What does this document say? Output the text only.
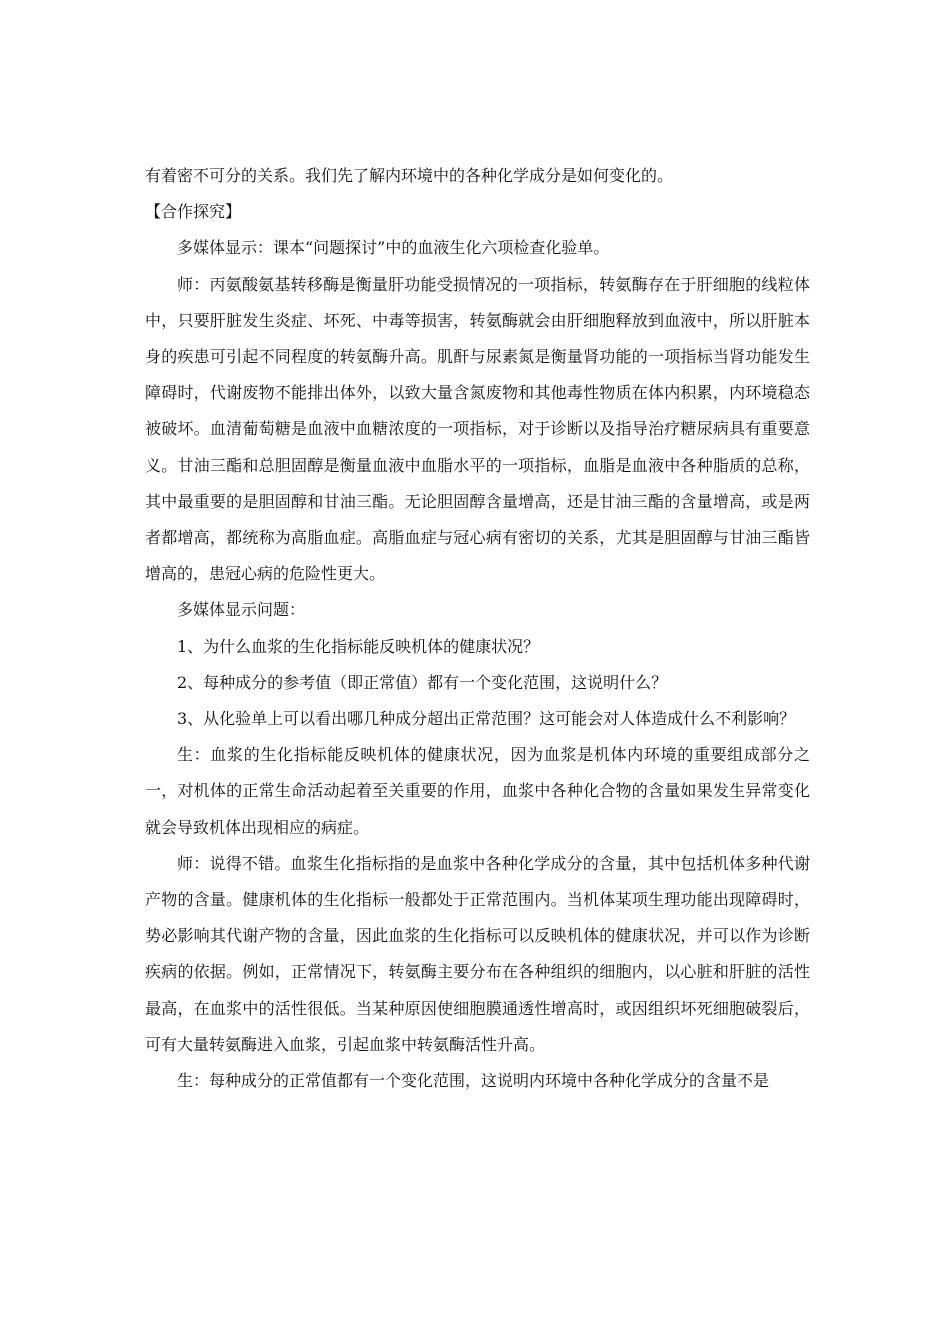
有着密不可分的关系。我们先了解内环境中的各种化学成分是如何变化的。

【合作探究】

多媒体显示：课本“问题探讨”中的血液生化六项检查化验单。

师：丙氨酸氨基转移酶是衡量肝功能受损情况的一项指标，转氨酶存在于肝细胞的线粒体中，只要肝脏发生炎症、坏死、中毒等损害，转氨酶就会由肝细胞释放到血液中，所以肝脏本身的疾患可引起不同程度的转氨酶升高。肌酐与尿素氮是衡量肾功能的一项指标当肾功能发生障碍时，代谢废物不能排出体外，以致大量含氮废物和其他毒性物质在体内积累，内环境稳态被破坏。血清葡萄糖是血液中血糖浓度的一项指标，对于诊断以及指导治疗糖尿病具有重要意义。甘油三酯和总胆固醇是衡量血液中血脂水平的一项指标，血脂是血液中各种脂质的总称，其中最重要的是胆固醇和甘油三酯。无论胆固醇含量增高，还是甘油三酯的含量增高，或是两者都增高，都统称为高脂血症。高脂血症与冠心病有密切的关系，尤其是胆固醇与甘油三酯皆增高的，患冠心病的危险性更大。

多媒体显示问题：

1、为什么血浆的生化指标能反映机体的健康状况？

2、每种成分的参考值（即正常值）都有一个变化范围，这说明什么？

3、从化验单上可以看出哪几种成分超出正常范围？这可能会对人体造成什么不利影响？

生：血浆的生化指标能反映机体的健康状况，因为血浆是机体内环境的重要组成部分之一，对机体的正常生命活动起着至关重要的作用，血浆中各种化合物的含量如果发生异常变化就会导致机体出现相应的病症。

师：说得不错。血浆生化指标指的是血浆中各种化学成分的含量，其中包括机体多种代谢产物的含量。健康机体的生化指标一般都处于正常范围内。当机体某项生理功能出现障碍时，势必影响其代谢产物的含量，因此血浆的生化指标可以反映机体的健康状况，并可以作为诊断疾病的依据。例如，正常情况下，转氨酶主要分布在各种组织的细胞内，以心脏和肝脏的活性最高，在血浆中的活性很低。当某种原因使细胞膜通透性增高时，或因组织坏死细胞破裂后，可有大量转氨酶进入血浆，引起血浆中转氨酶活性升高。

生：每种成分的正常值都有一个变化范围，这说明内环境中各种化学成分的含量不是
